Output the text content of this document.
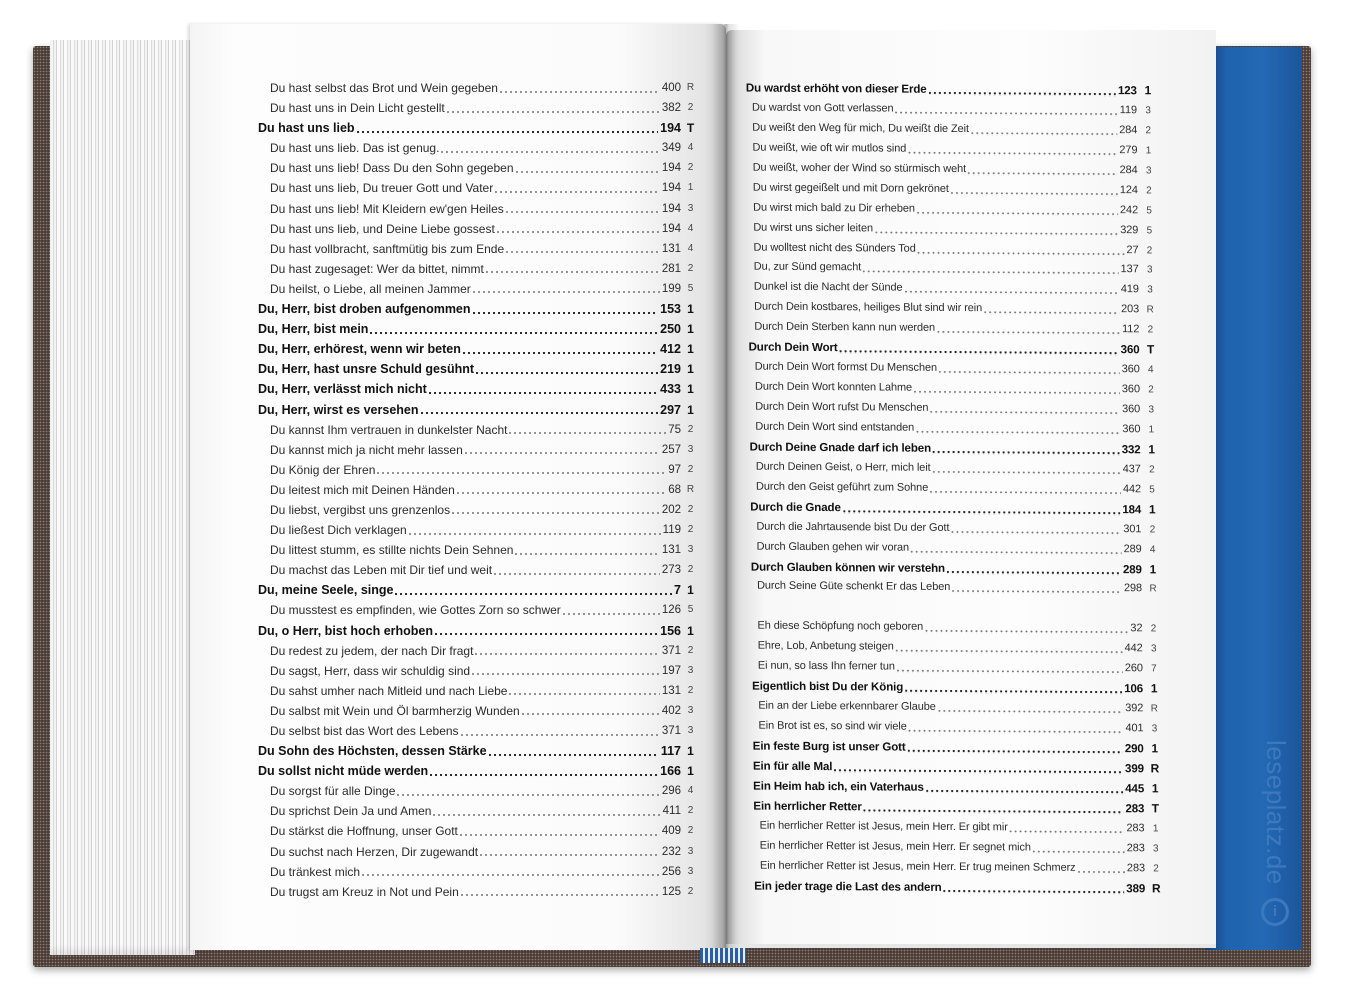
Du hast selbst das Brot und Wein gegeben	400 R
Du hast uns in Dein Licht gestellt	382 2
Du hast uns lieb	194 T
Du hast uns lieb. Das ist genug.	349 4
Du hast uns lieb! Dass Du den Sohn gegeben	194 2
Du hast uns lieb, Du treuer Gott und Vater	194 1
Du hast uns lieb! Mit Kleidern ew'gen Heiles	194 3
Du hast uns lieb, und Deine Liebe gossest	194 4
Du hast vollbracht, sanftmütig bis zum Ende	131 4
Du hast zugesaget: Wer da bittet, nimmt	281 2
Du heilst, o Liebe, all meinen Jammer	199 5
Du, Herr, bist droben aufgenommen	153 1
Du, Herr, bist mein	250 1
Du, Herr, erhörest, wenn wir beten	412 1
Du, Herr, hast unsre Schuld gesühnt	219 1
Du, Herr, verlässt mich nicht	433 1
Du, Herr, wirst es versehen	297 1
Du kannst Ihm vertrauen in dunkelster Nacht	75 2
Du kannst mich ja nicht mehr lassen	257 3
Du König der Ehren	97 2
Du leitest mich mit Deinen Händen	68 R
Du liebst, vergibst uns grenzenlos	202 2
Du ließest Dich verklagen	119 2
Du littest stumm, es stillte nichts Dein Sehnen	131 3
Du machst das Leben mit Dir tief und weit	273 2
Du, meine Seele, singe	7 1
Du musstest es empfinden, wie Gottes Zorn so schwer	126 5
Du, o Herr, bist hoch erhoben	156 1
Du redest zu jedem, der nach Dir fragt	371 2
Du sagst, Herr, dass wir schuldig sind	197 3
Du sahst umher nach Mitleid und nach Liebe	131 2
Du salbst mit Wein und Öl barmherzig Wunden	402 3
Du selbst bist das Wort des Lebens	371 3
Du Sohn des Höchsten, dessen Stärke	117 1
Du sollst nicht müde werden	166 1
Du sorgst für alle Dinge	296 4
Du sprichst Dein Ja und Amen	411 2
Du stärkst die Hoffnung, unser Gott	409 2
Du suchst nach Herzen, Dir zugewandt	232 3
Du tränkest mich	256 3
Du trugst am Kreuz in Not und Pein	125 2
Du wardst erhöht von dieser Erde	123 1
Du wardst von Gott verlassen	119 3
Du weißt den Weg für mich, Du weißt die Zeit	284 2
Du weißt, wie oft wir mutlos sind	279 1
Du weißt, woher der Wind so stürmisch weht	284 3
Du wirst gegeißelt und mit Dorn gekrönet	124 2
Du wirst mich bald zu Dir erheben	242 5
Du wirst uns sicher leiten	329 5
Du wolltest nicht des Sünders Tod	27 2
Du, zur Sünd gemacht	137 3
Dunkel ist die Nacht der Sünde	419 3
Durch Dein kostbares, heiliges Blut sind wir rein	203 R
Durch Dein Sterben kann nun werden	112 2
Durch Dein Wort	360 T
Durch Dein Wort formst Du Menschen	360 4
Durch Dein Wort konnten Lahme	360 2
Durch Dein Wort rufst Du Menschen	360 3
Durch Dein Wort sind entstanden	360 1
Durch Deine Gnade darf ich leben	332 1
Durch Deinen Geist, o Herr, mich leit	437 2
Durch den Geist geführt zum Sohne	442 5
Durch die Gnade	184 1
Durch die Jahrtausende bist Du der Gott	301 2
Durch Glauben gehen wir voran	289 4
Durch Glauben können wir verstehn	289 1
Durch Seine Güte schenkt Er das Leben	298 R
Eh diese Schöpfung noch geboren	32 2
Ehre, Lob, Anbetung steigen	442 3
Ei nun, so lass Ihn ferner tun	260 7
Eigentlich bist Du der König	106 1
Ein an der Liebe erkennbarer Glaube	392 R
Ein Brot ist es, so sind wir viele	401 3
Ein feste Burg ist unser Gott	290 1
Ein für alle Mal	399 R
Ein Heim hab ich, ein Vaterhaus	445 1
Ein herrlicher Retter	283 T
Ein herrlicher Retter ist Jesus, mein Herr. Er gibt mir	283 1
Ein herrlicher Retter ist Jesus, mein Herr. Er segnet mich	283 3
Ein herrlicher Retter ist Jesus, mein Herr. Er trug meinen Schmerz	283 2
Ein jeder trage die Last des andern	389 R
leseplatz.de
i
